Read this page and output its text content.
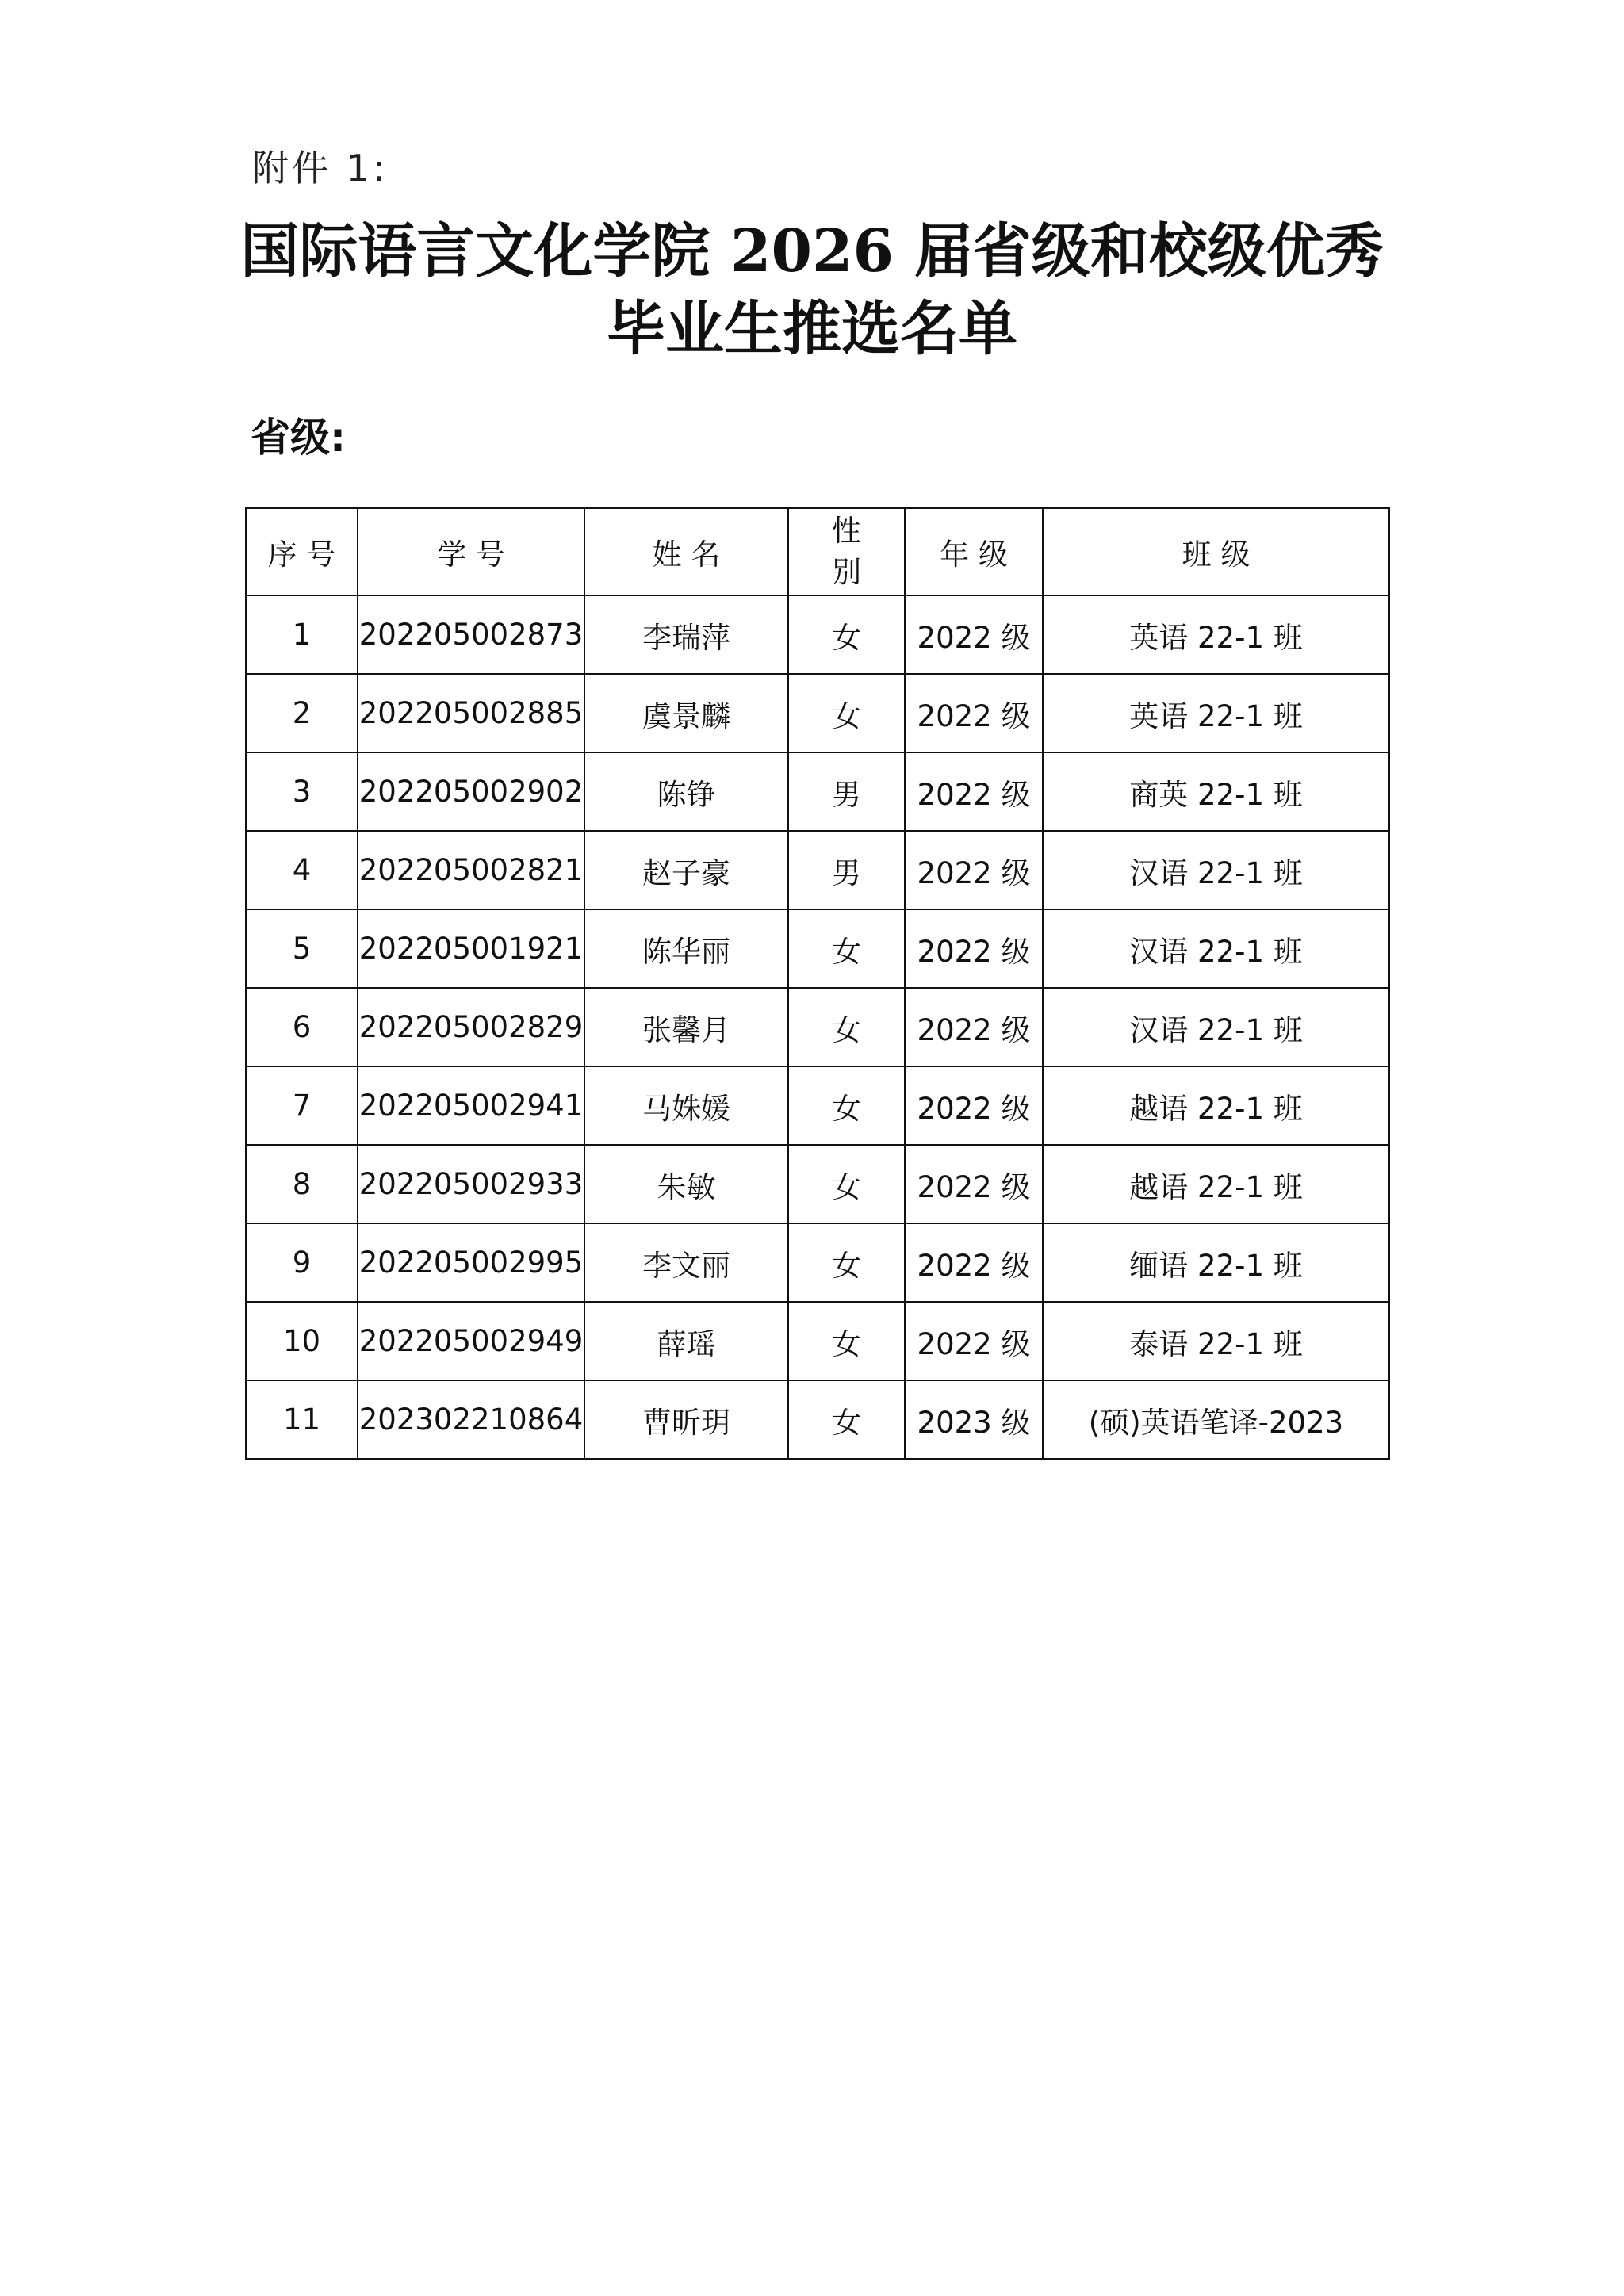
附件 1:
国际语言文化学院 2026 届省级和校级优秀
毕业生推选名单
省级:
序 号	学 号	姓 名	性别	年 级	班 级
1	202205002873	李瑞萍	女	2022 级	英语 22-1 班
2	202205002885	虞景麟	女	2022 级	英语 22-1 班
3	202205002902	陈铮	男	2022 级	商英 22-1 班
4	202205002821	赵子豪	男	2022 级	汉语 22-1 班
5	202205001921	陈华丽	女	2022 级	汉语 22-1 班
6	202205002829	张馨月	女	2022 级	汉语 22-1 班
7	202205002941	马姝媛	女	2022 级	越语 22-1 班
8	202205002933	朱敏	女	2022 级	越语 22-1 班
9	202205002995	李文丽	女	2022 级	缅语 22-1 班
10	202205002949	薛瑶	女	2022 级	泰语 22-1 班
11	202302210864	曹昕玥	女	2023 级	(硕)英语笔译-2023
